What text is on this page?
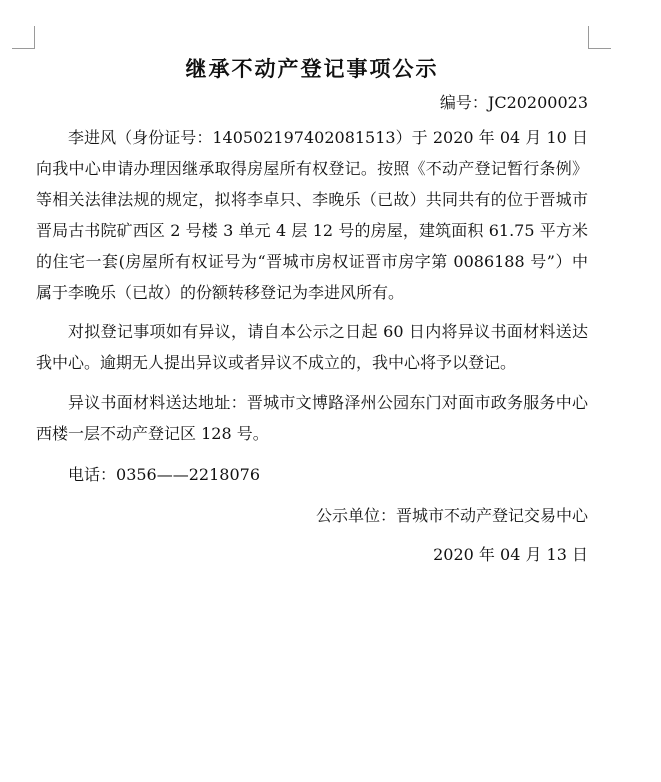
继承不动产登记事项公示
编号：JC20200023

李进风（身份证号：140502197402081513）于 2020 年 04 月 10 日向我中心申请办理因继承取得房屋所有权登记。按照《不动产登记暂行条例》等相关法律法规的规定，拟将李卓只、李晚乐（已故）共同共有的位于晋城市晋局古书院矿西区 2 号楼 3 单元 4 层 12 号的房屋，建筑面积 61.75 平方米的住宅一套(房屋所有权证号为“晋城市房权证晋市房字第 0086188 号”）中属于李晚乐（已故）的份额转移登记为李进风所有。

对拟登记事项如有异议，请自本公示之日起 60 日内将异议书面材料送达我中心。逾期无人提出异议或者异议不成立的，我中心将予以登记。

异议书面材料送达地址：晋城市文博路泽州公园东门对面市政务服务中心西楼一层不动产登记区 128 号。

电话：0356——2218076
公示单位：晋城市不动产登记交易中心
2020 年 04 月 13 日
